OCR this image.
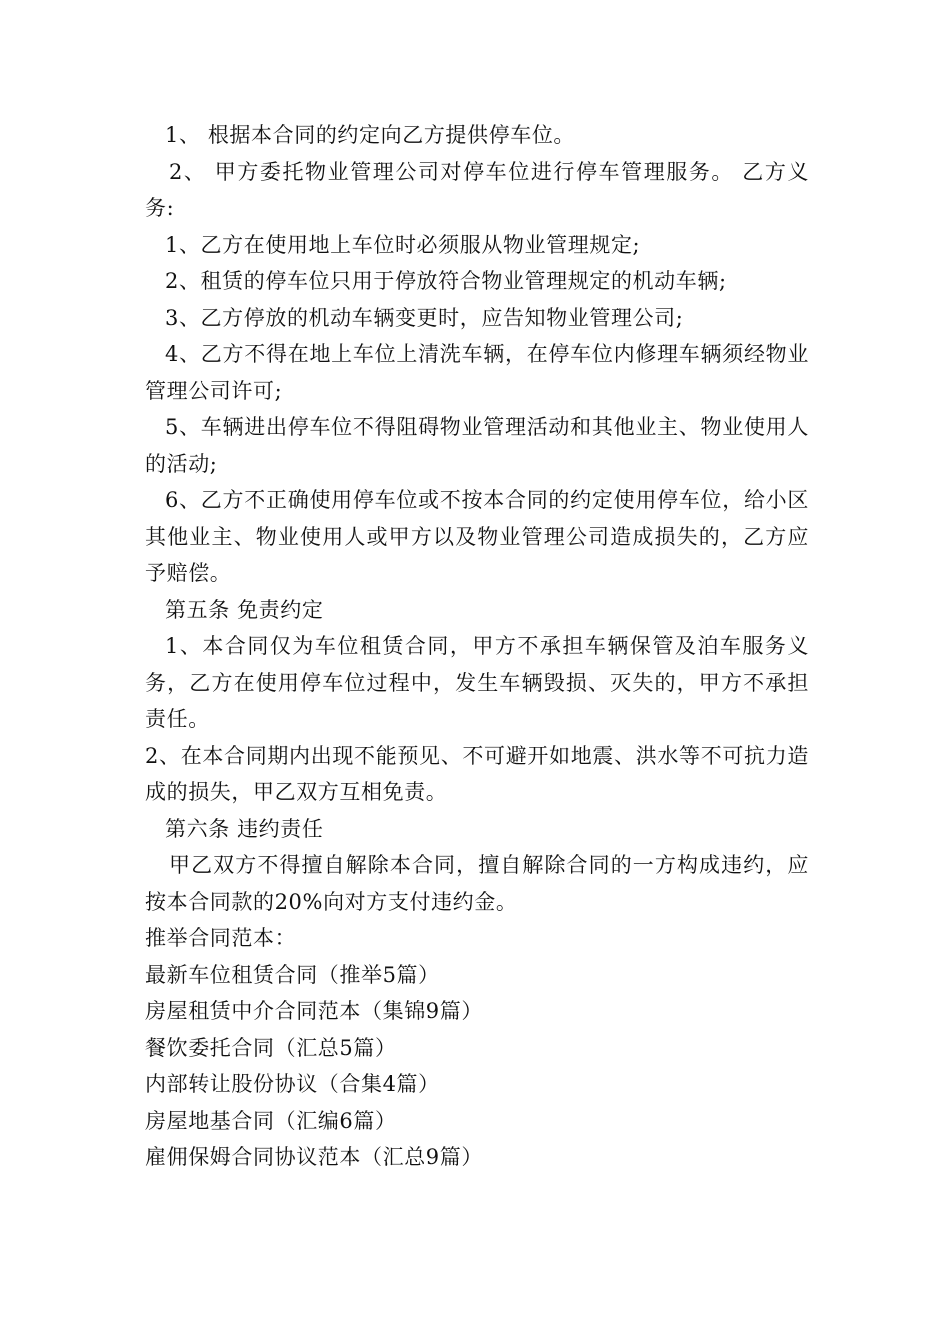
1、 根据本合同的约定向乙方提供停车位。

2、 甲方委托物业管理公司对停车位进行停车管理服务。 乙方义务:

1、乙方在使用地上车位时必须服从物业管理规定;

2、租赁的停车位只用于停放符合物业管理规定的机动车辆;

3、乙方停放的机动车辆变更时，应告知物业管理公司;

4、乙方不得在地上车位上清洗车辆，在停车位内修理车辆须经物业管理公司许可;

5、车辆进出停车位不得阻碍物业管理活动和其他业主、物业使用人的活动;

6、乙方不正确使用停车位或不按本合同的约定使用停车位，给小区其他业主、物业使用人或甲方以及物业管理公司造成损失的，乙方应予赔偿。

第五条 免责约定

1、本合同仅为车位租赁合同，甲方不承担车辆保管及泊车服务义务，乙方在使用停车位过程中，发生车辆毁损、灭失的，甲方不承担责任。

2、在本合同期内出现不能预见、不可避开如地震、洪水等不可抗力造成的损失，甲乙双方互相免责。

第六条 违约责任

甲乙双方不得擅自解除本合同，擅自解除合同的一方构成违约，应按本合同款的20%向对方支付违约金。

推举合同范本：

最新车位租赁合同（推举5篇）

房屋租赁中介合同范本（集锦9篇）

餐饮委托合同（汇总5篇）

内部转让股份协议（合集4篇）

房屋地基合同（汇编6篇）

雇佣保姆合同协议范本（汇总9篇）
